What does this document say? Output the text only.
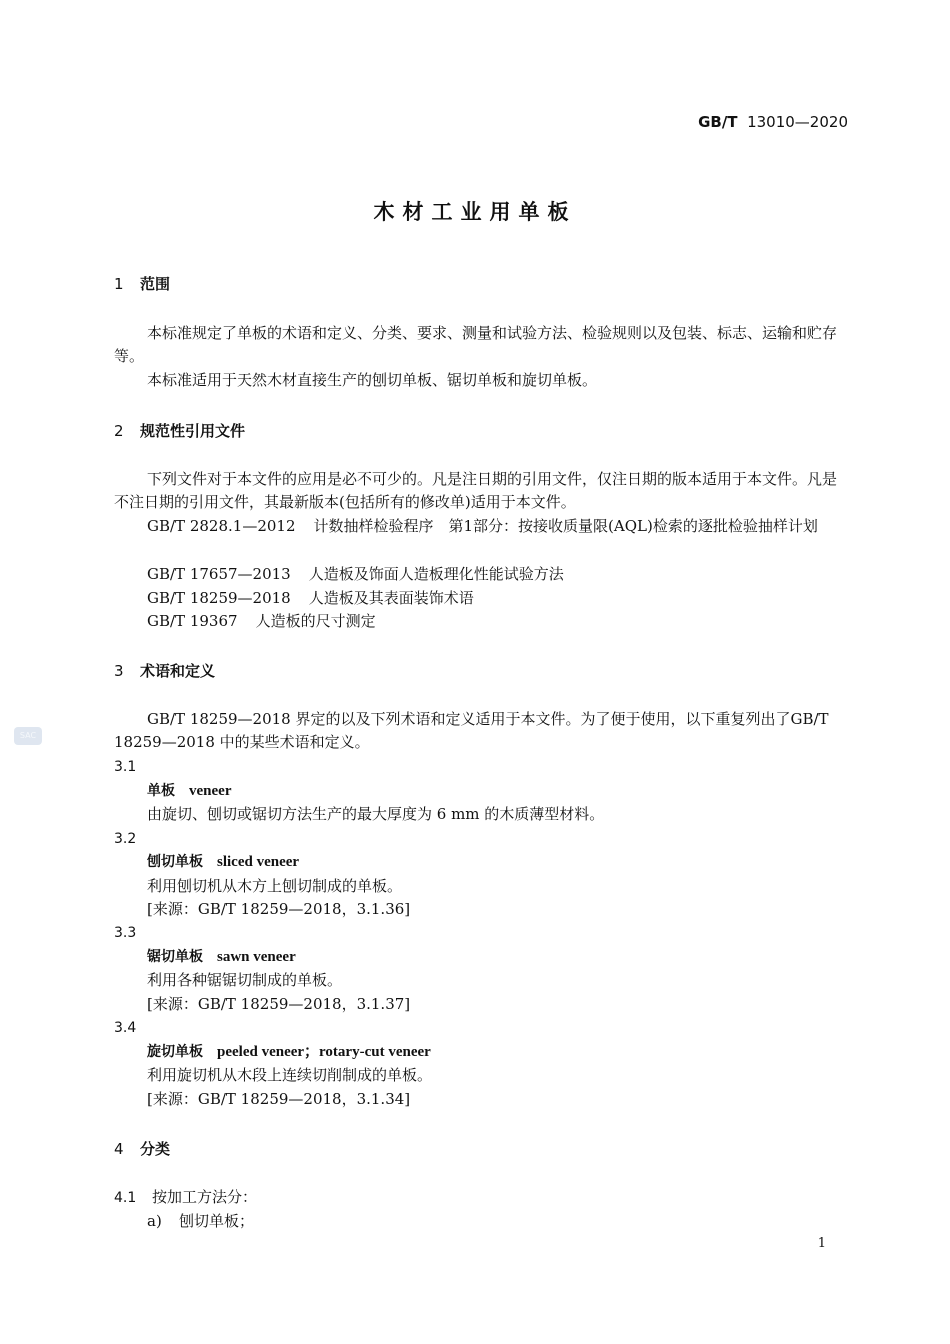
GB/T 13010—2020
木材工业用单板
1 范围
本标准规定了单板的术语和定义、分类、要求、测量和试验方法、检验规则以及包装、标志、运输和贮存等。
本标准适用于天然木材直接生产的刨切单板、锯切单板和旋切单板。
2 规范性引用文件
下列文件对于本文件的应用是必不可少的。凡是注日期的引用文件，仅注日期的版本适用于本文件。凡是不注日期的引用文件，其最新版本(包括所有的修改单)适用于本文件。
GB/T 2828.1—2012 计数抽样检验程序　第1部分：按接收质量限(AQL)检索的逐批检验抽样计划
GB/T 17657—2013 人造板及饰面人造板理化性能试验方法
GB/T 18259—2018 人造板及其表面装饰术语
GB/T 19367 人造板的尺寸测定
3 术语和定义
GB/T 18259—2018 界定的以及下列术语和定义适用于本文件。为了便于使用，以下重复列出了GB/T 18259—2018 中的某些术语和定义。
SAC
3.1
单板 veneer
由旋切、刨切或锯切方法生产的最大厚度为 6 mm 的木质薄型材料。
3.2
刨切单板 sliced veneer
利用刨切机从木方上刨切制成的单板。
[来源：GB/T 18259—2018，3.1.36]
3.3
锯切单板 sawn veneer
利用各种锯锯切制成的单板。
[来源：GB/T 18259—2018，3.1.37]
3.4
旋切单板 peeled veneer；rotary-cut veneer
利用旋切机从木段上连续切削制成的单板。
[来源：GB/T 18259—2018，3.1.34]
4 分类
4.1 按加工方法分：
a) 刨切单板；
1
